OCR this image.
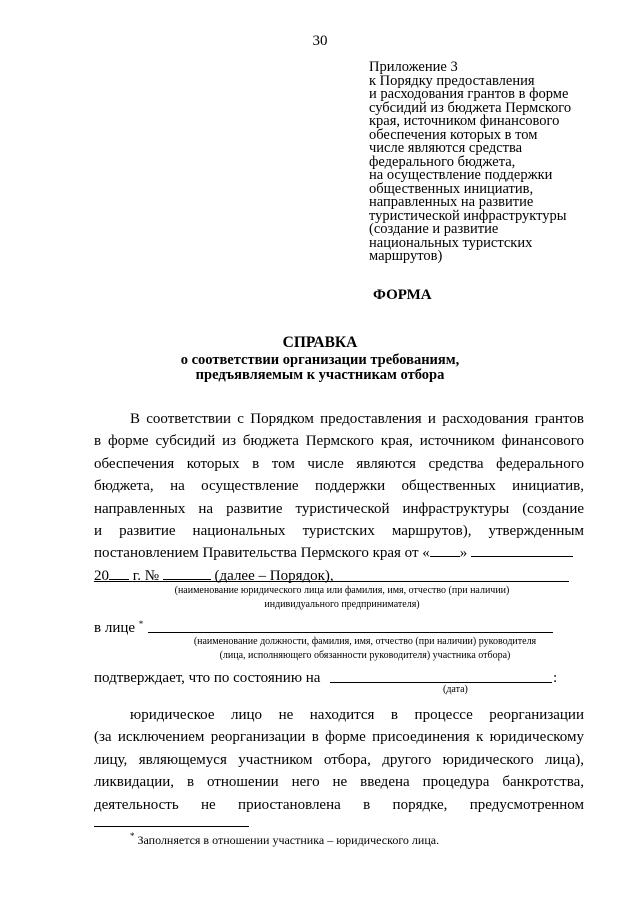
30
Приложение 3
к Порядку предоставления
и расходования грантов в форме
субсидий из бюджета Пермского
края, источником финансового
обеспечения которых в том
числе являются средства
федерального бюджета,
на осуществление поддержки
общественных инициатив,
направленных на развитие
туристической инфраструктуры
(создание и развитие
национальных туристских
маршрутов)
ФОРМА
СПРАВКА
о соответствии организации требованиям,
предъявляемым к участникам отбора
В соответствии с Порядком предоставления и расходования грантов
в форме субсидий из бюджета Пермского края, источником финансового
обеспечения которых в том числе являются средства федерального
бюджета, на осуществление поддержки общественных инициатив,
направленных на развитие туристической инфраструктуры (создание
и развитие национальных туристских маршрутов), утвержденным
постановлением Правительства Пермского края от « »
20 г. №	(далее – Порядок),
(наименование юридического лица или фамилия, имя, отчество (при наличии)
индивидуального предпринимателя)
в лице *
(наименование должности, фамилия, имя, отчество (при наличии) руководителя
(лица, исполняющего обязанности руководителя) участника отбора)
подтверждает, что по состоянию на	:
(дата)
юридическое лицо не находится в процессе реорганизации
(за исключением реорганизации в форме присоединения к юридическому
лицу, являющемуся участником отбора, другого юридического лица),
ликвидации, в отношении него не введена процедура банкротства,
деятельность не приостановлена в порядке, предусмотренном
* Заполняется в отношении участника – юридического лица.
